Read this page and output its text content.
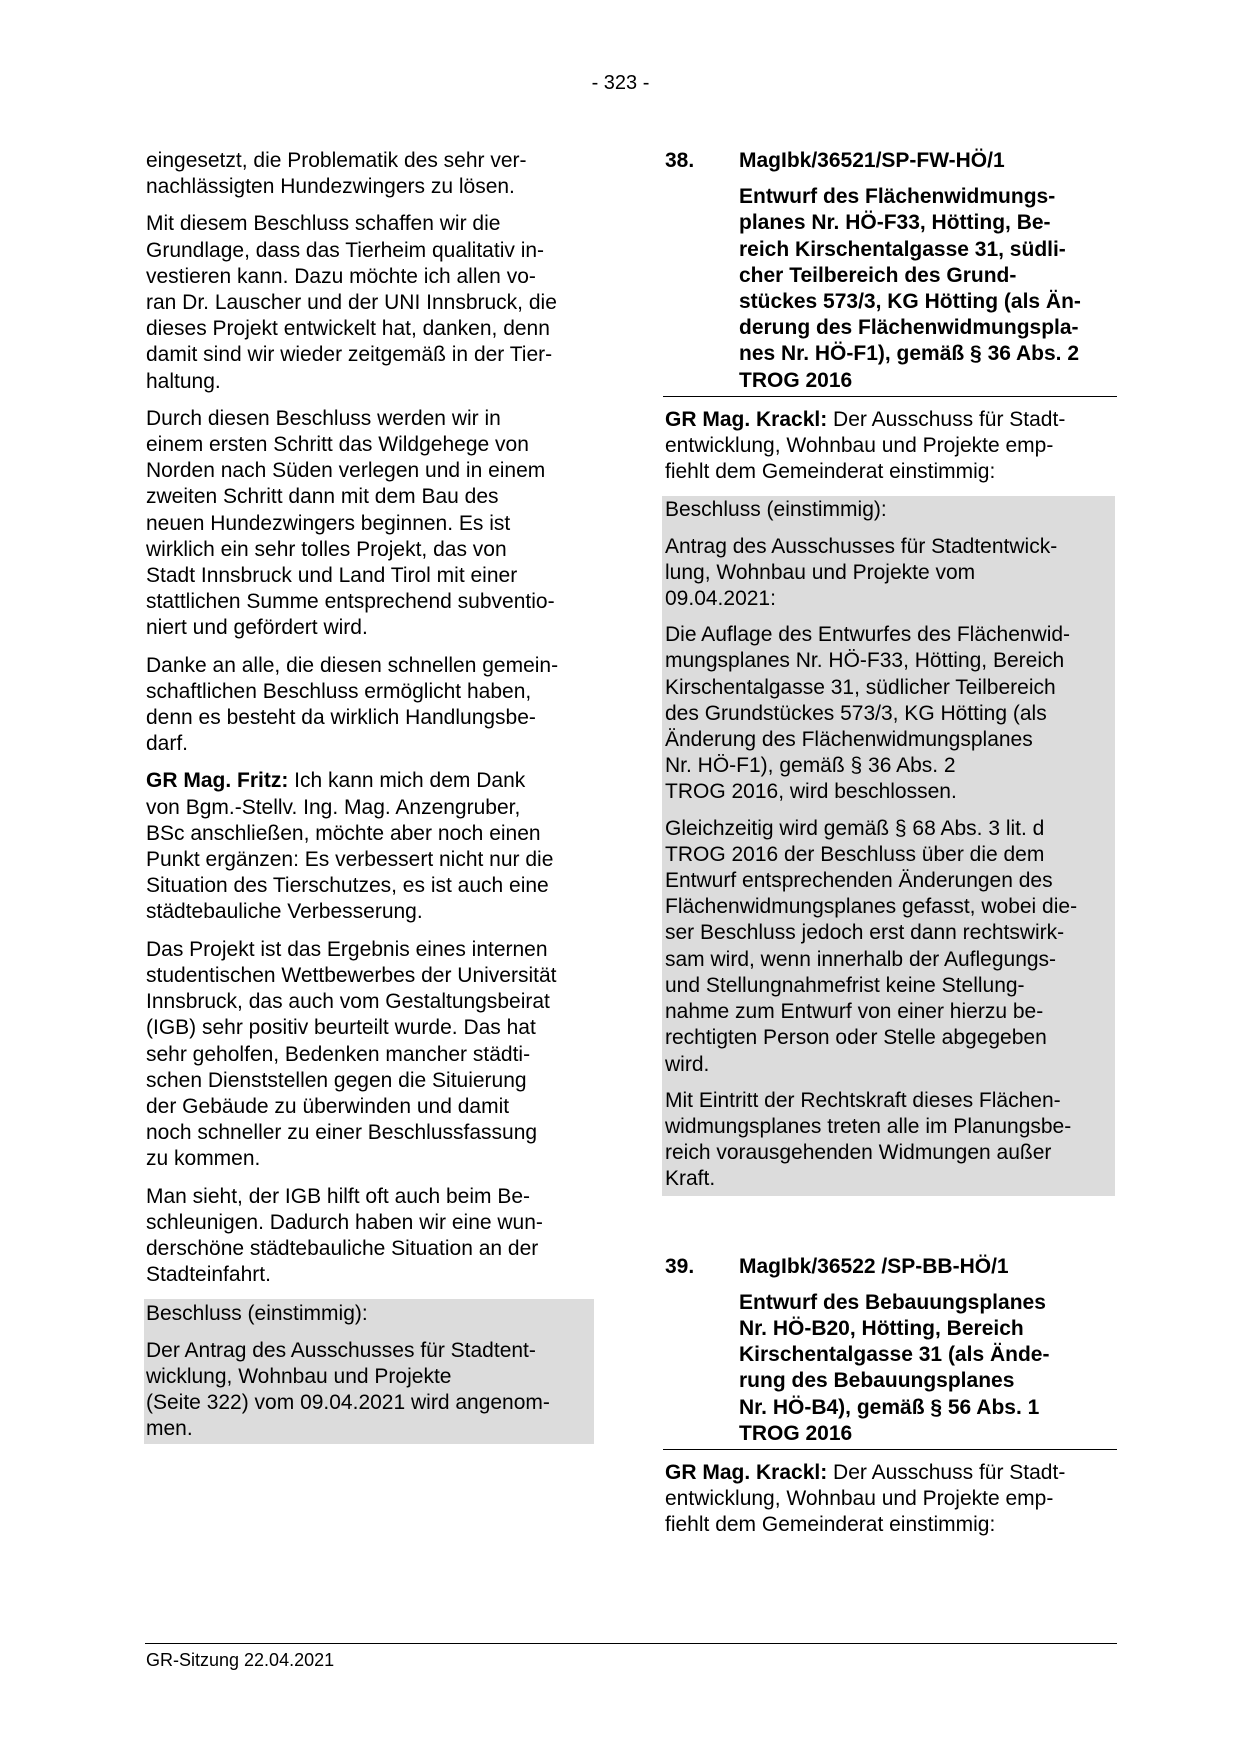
- 323 -

eingesetzt, die Problematik des sehr ver-
nachlässigten Hundezwingers zu lösen.

Mit diesem Beschluss schaffen wir die
Grundlage, dass das Tierheim qualitativ in-
vestieren kann. Dazu möchte ich allen vo-
ran Dr. Lauscher und der UNI Innsbruck, die
dieses Projekt entwickelt hat, danken, denn
damit sind wir wieder zeitgemäß in der Tier-
haltung.

Durch diesen Beschluss werden wir in
einem ersten Schritt das Wildgehege von
Norden nach Süden verlegen und in einem
zweiten Schritt dann mit dem Bau des
neuen Hundezwingers beginnen. Es ist
wirklich ein sehr tolles Projekt, das von
Stadt Innsbruck und Land Tirol mit einer
stattlichen Summe entsprechend subventio-
niert und gefördert wird.

Danke an alle, die diesen schnellen gemein-
schaftlichen Beschluss ermöglicht haben,
denn es besteht da wirklich Handlungsbe-
darf.

GR Mag. Fritz: Ich kann mich dem Dank
von Bgm.-Stellv. Ing. Mag. Anzengruber,
BSc anschließen, möchte aber noch einen
Punkt ergänzen: Es verbessert nicht nur die
Situation des Tierschutzes, es ist auch eine
städtebauliche Verbesserung.

Das Projekt ist das Ergebnis eines internen
studentischen Wettbewerbes der Universität
Innsbruck, das auch vom Gestaltungsbeirat
(IGB) sehr positiv beurteilt wurde. Das hat
sehr geholfen, Bedenken mancher städti-
schen Dienststellen gegen die Situierung
der Gebäude zu überwinden und damit
noch schneller zu einer Beschlussfassung
zu kommen.

Man sieht, der IGB hilft oft auch beim Be-
schleunigen. Dadurch haben wir eine wun-
derschöne städtebauliche Situation an der
Stadteinfahrt.

Beschluss (einstimmig):

Der Antrag des Ausschusses für Stadtent-
wicklung, Wohnbau und Projekte
(Seite 322) vom 09.04.2021 wird angenom-
men.

38.	MagIbk/36521/SP-FW-HÖ/1
Entwurf des Flächenwidmungs-
planes Nr. HÖ-F33, Hötting, Be-
reich Kirschentalgasse 31, südli-
cher Teilbereich des Grund-
stückes 573/3, KG Hötting (als Än-
derung des Flächenwidmungspla-
nes Nr. HÖ-F1), gemäß § 36 Abs. 2
TROG 2016

GR Mag. Krackl: Der Ausschuss für Stadt-
entwicklung, Wohnbau und Projekte emp-
fiehlt dem Gemeinderat einstimmig:

Beschluss (einstimmig):

Antrag des Ausschusses für Stadtentwick-
lung, Wohnbau und Projekte vom
09.04.2021:

Die Auflage des Entwurfes des Flächenwid-
mungsplanes Nr. HÖ-F33, Hötting, Bereich
Kirschentalgasse 31, südlicher Teilbereich
des Grundstückes 573/3, KG Hötting (als
Änderung des Flächenwidmungsplanes
Nr. HÖ-F1), gemäß § 36 Abs. 2
TROG 2016, wird beschlossen.

Gleichzeitig wird gemäß § 68 Abs. 3 lit. d
TROG 2016 der Beschluss über die dem
Entwurf entsprechenden Änderungen des
Flächenwidmungsplanes gefasst, wobei die-
ser Beschluss jedoch erst dann rechtswirk-
sam wird, wenn innerhalb der Auflegungs-
und Stellungnahmefrist keine Stellung-
nahme zum Entwurf von einer hierzu be-
rechtigten Person oder Stelle abgegeben
wird.

Mit Eintritt der Rechtskraft dieses Flächen-
widmungsplanes treten alle im Planungsbe-
reich vorausgehenden Widmungen außer
Kraft.

39.	MagIbk/36522 /SP-BB-HÖ/1
Entwurf des Bebauungsplanes
Nr. HÖ-B20, Hötting, Bereich
Kirschentalgasse 31 (als Ände-
rung des Bebauungsplanes
Nr. HÖ-B4), gemäß § 56 Abs. 1
TROG 2016

GR Mag. Krackl: Der Ausschuss für Stadt-
entwicklung, Wohnbau und Projekte emp-
fiehlt dem Gemeinderat einstimmig:

GR-Sitzung 22.04.2021
